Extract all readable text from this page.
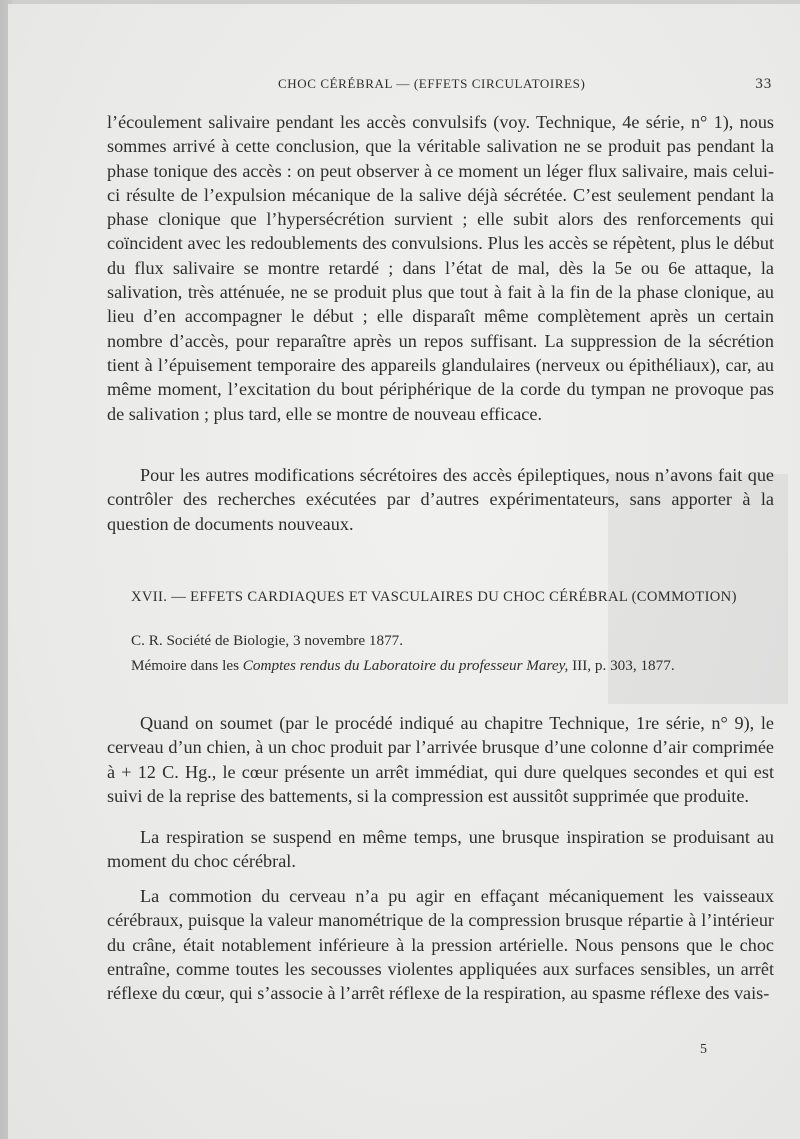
CHOC CÉRÉBRAL — (EFFETS CIRCULATOIRES)	33

l’écoulement salivaire pendant les accès convulsifs (voy. Technique, 4e série, n° 1), nous sommes arrivé à cette conclusion, que la véritable salivation ne se produit pas pendant la phase tonique des accès : on peut observer à ce moment un léger flux salivaire, mais celui-ci résulte de l’expulsion mécanique de la salive déjà sécrétée. C’est seulement pendant la phase clonique que l’hypersécrétion survient ; elle subit alors des renforcements qui coïncident avec les redoublements des convulsions. Plus les accès se répètent, plus le début du flux salivaire se montre retardé ; dans l’état de mal, dès la 5e ou 6e attaque, la salivation, très atténuée, ne se produit plus que tout à fait à la fin de la phase clonique, au lieu d’en accompagner le début ; elle disparaît même complètement après un certain nombre d’accès, pour reparaître après un repos suffisant. La suppression de la sécrétion tient à l’épuisement temporaire des appareils glandulaires (nerveux ou épithéliaux), car, au même moment, l’excitation du bout périphérique de la corde du tympan ne provoque pas de salivation ; plus tard, elle se montre de nouveau efficace.

Pour les autres modifications sécrétoires des accès épileptiques, nous n’avons fait que contrôler des recherches exécutées par d’autres expérimentateurs, sans apporter à la question de documents nouveaux.

XVII. — EFFETS CARDIAQUES ET VASCULAIRES DU CHOC CÉRÉBRAL (COMMOTION)
C. R. Société de Biologie, 3 novembre 1877.
Mémoire dans les Comptes rendus du Laboratoire du professeur Marey, III, p. 303, 1877.

Quand on soumet (par le procédé indiqué au chapitre Technique, 1re série, n° 9), le cerveau d’un chien, à un choc produit par l’arrivée brusque d’une colonne d’air comprimée à + 12 C. Hg., le cœur présente un arrêt immédiat, qui dure quelques secondes et qui est suivi de la reprise des battements, si la compression est aussitôt supprimée que produite.

La respiration se suspend en même temps, une brusque inspiration se produisant au moment du choc cérébral.

La commotion du cerveau n’a pu agir en effaçant mécaniquement les vaisseaux cérébraux, puisque la valeur manométrique de la compression brusque répartie à l’intérieur du crâne, était notablement inférieure à la pression artérielle. Nous pensons que le choc entraîne, comme toutes les secousses violentes appliquées aux surfaces sensibles, un arrêt réflexe du cœur, qui s’associe à l’arrêt réflexe de la respiration, au spasme réflexe des vais-

5
